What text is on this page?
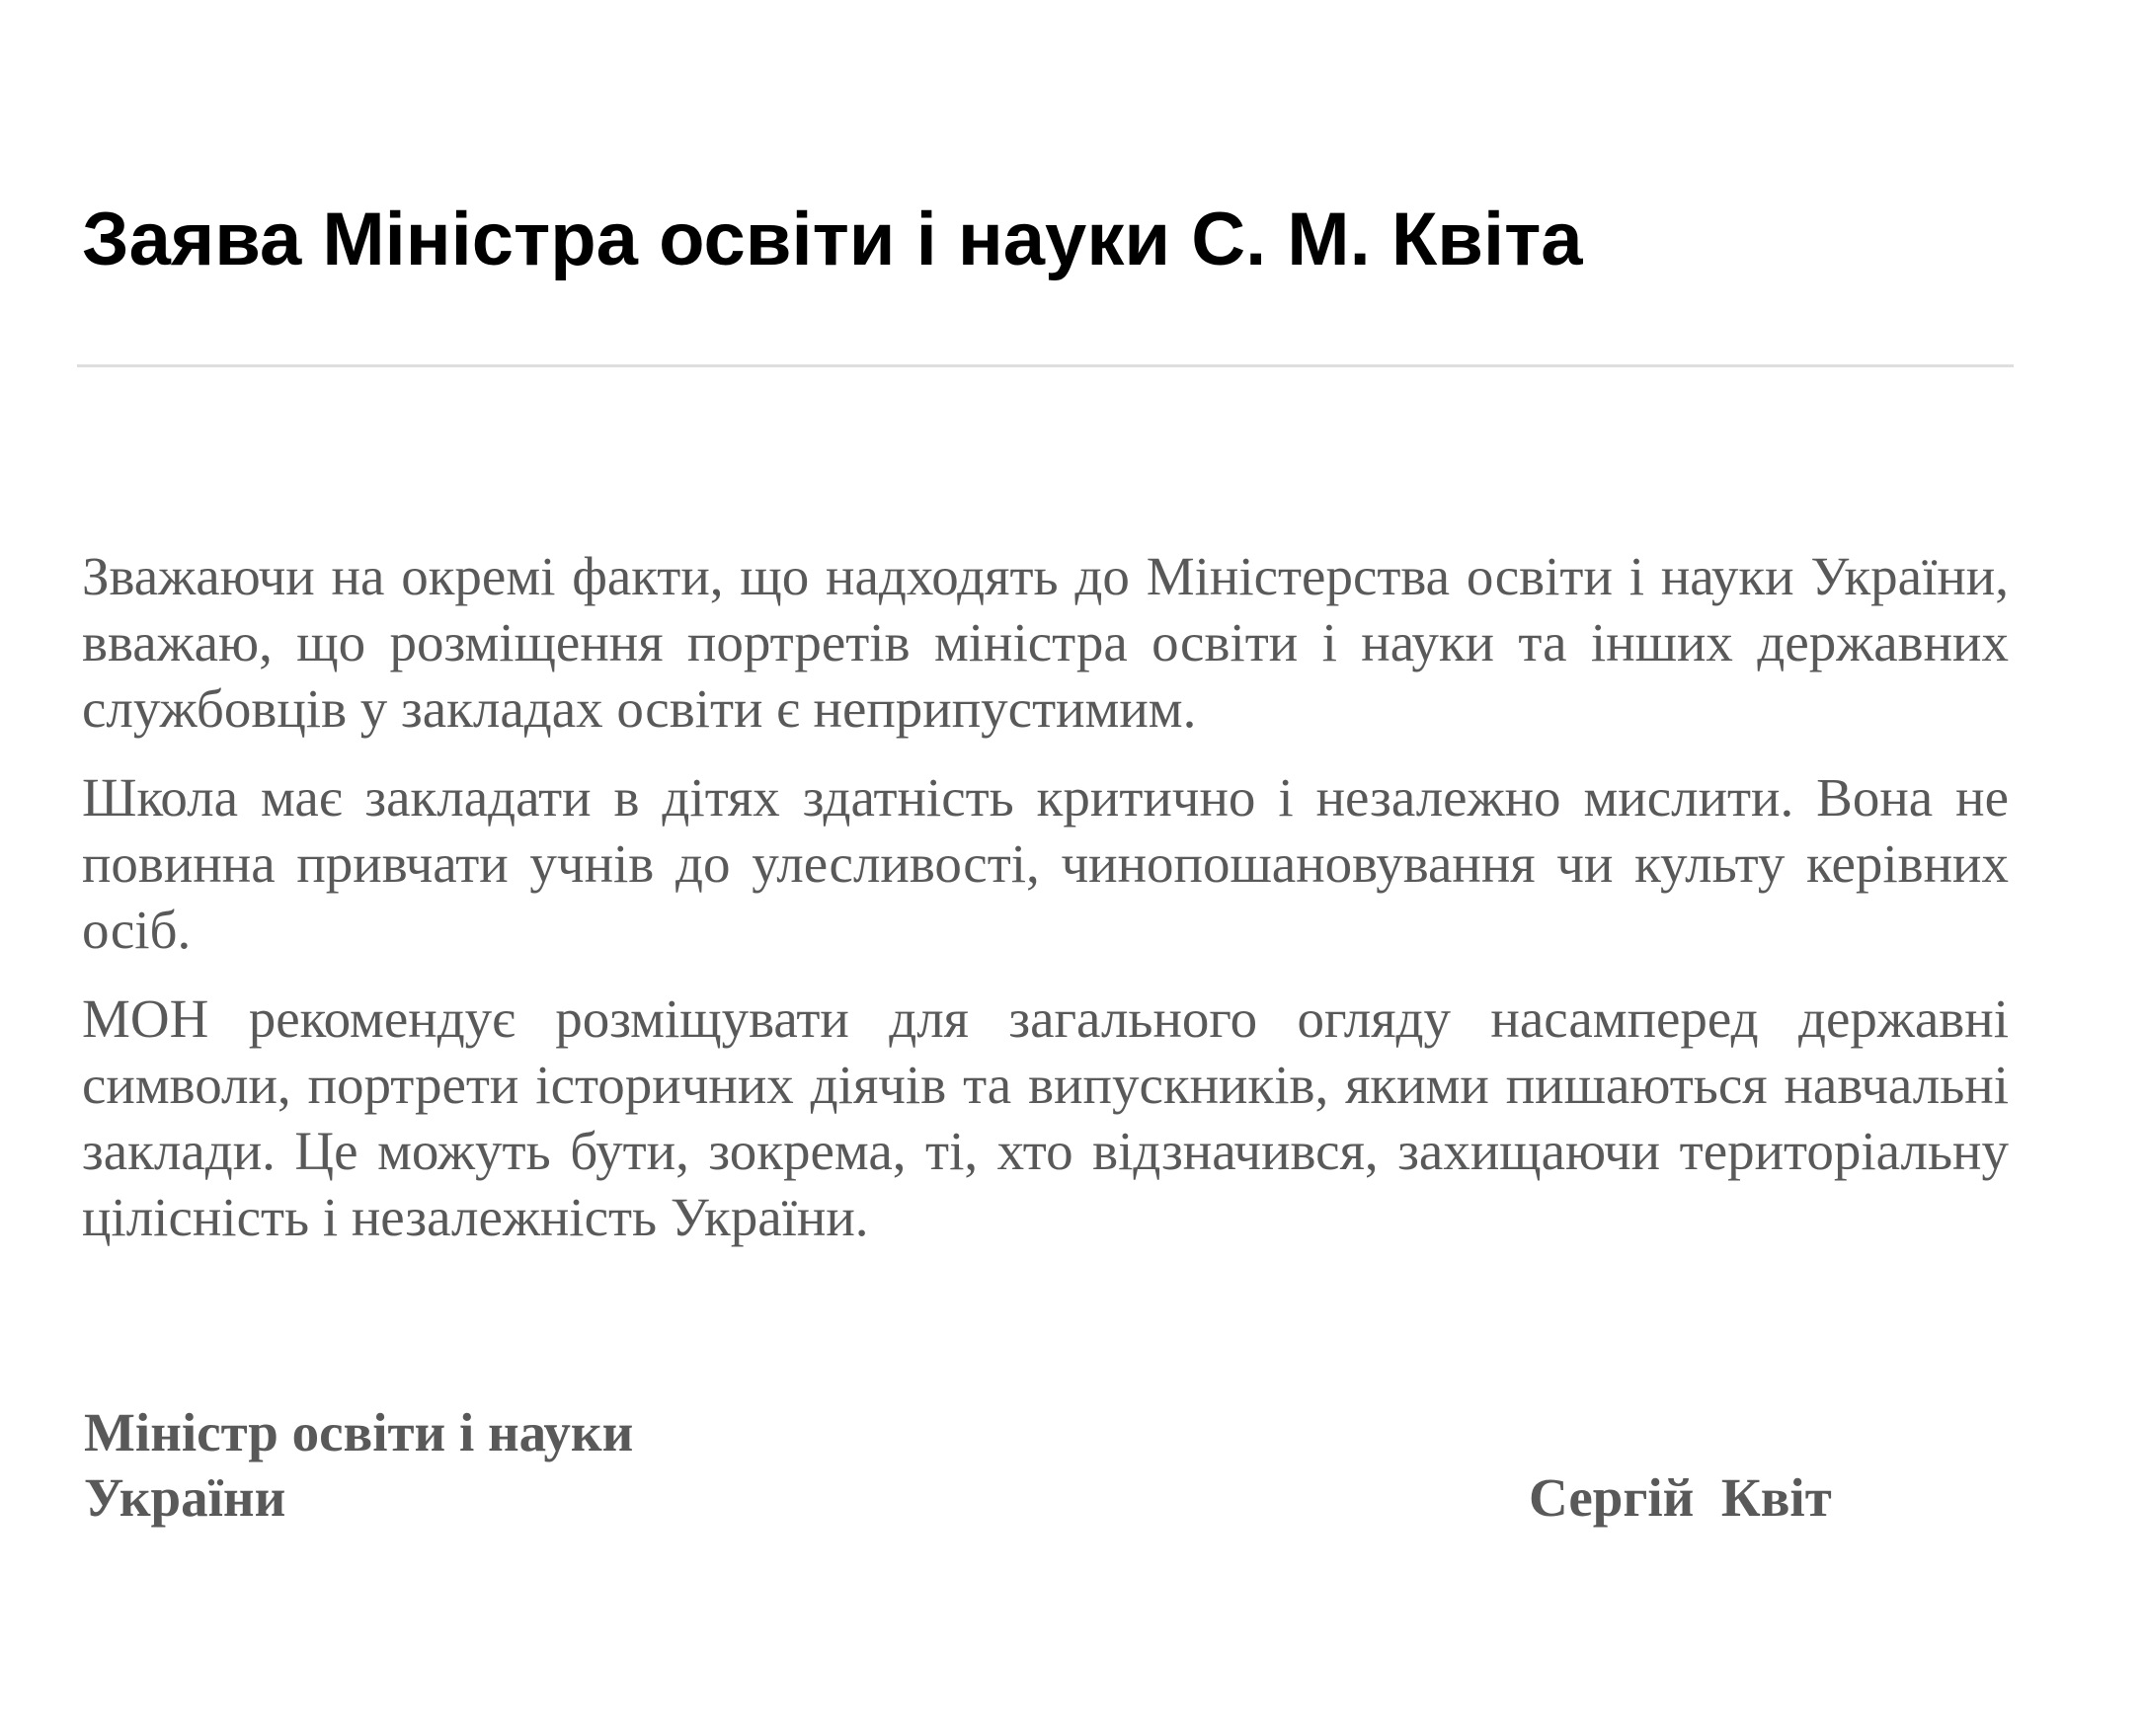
Заява Міністра освіти і науки С. М. Квіта

Зважаючи на окремі факти, що надходять до Міністерства освіти і науки України, вважаю, що розміщення портретів міністра освіти і науки та інших державних службовців у закладах освіти є неприпустимим.

Школа має закладати в дітях здатність критично і незалежно мислити. Вона не повинна привчати учнів до улесливості, чинопошановування чи культу керівних осіб.

МОН рекомендує розміщувати для загального огляду насамперед державні символи, портрети історичних діячів та випускників, якими пишаються навчальні заклади. Це можуть бути, зокрема, ті, хто відзначився, захищаючи територіальну цілісність і незалежність України.

Міністр освіти і науки
України	Сергій  Квіт
